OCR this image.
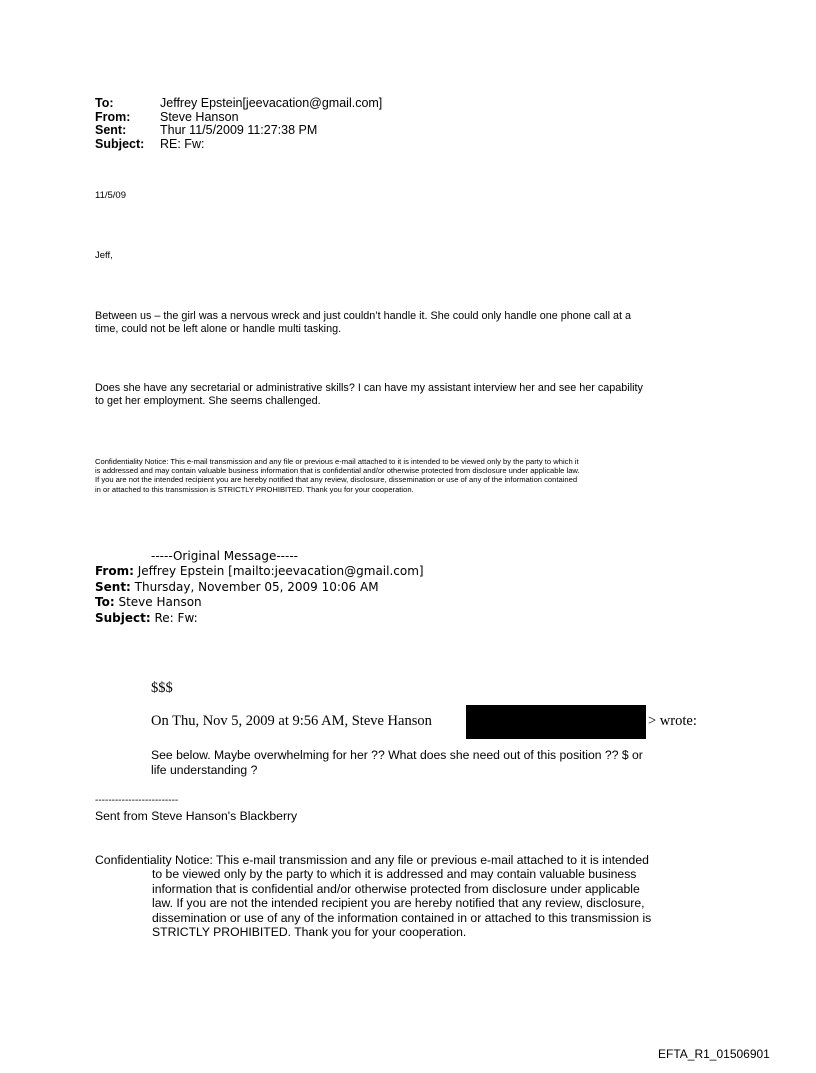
To:	Jeffrey Epstein[jeevacation@gmail.com]
From:	Steve Hanson
Sent:	Thur 11/5/2009 11:27:38 PM
Subject:	RE: Fw:
11/5/09
Jeff,
Between us – the girl was a nervous wreck and just couldn’t handle it. She could only handle one phone call at a
time, could not be left alone or handle multi tasking.
Does she have any secretarial or administrative skills? I can have my assistant interview her and see her capability
to get her employment. She seems challenged.
Confidentiality Notice: This e-mail transmission and any file or previous e-mail attached to it is intended to be viewed only by the party to which it
is addressed and may contain valuable business information that is confidential and/or otherwise protected from disclosure under applicable law.
If you are not the intended recipient you are hereby notified that any review, disclosure, dissemination or use of any of the information contained
in or attached to this transmission is STRICTLY PROHIBITED. Thank you for your cooperation.
-----Original Message-----
From: Jeffrey Epstein [mailto:jeevacation@gmail.com]
Sent: Thursday, November 05, 2009 10:06 AM
To: Steve Hanson
Subject: Re: Fw:
$$$
On Thu, Nov 5, 2009 at 9:56 AM, Steve Hanson	> wrote:
See below. Maybe overwhelming for her ?? What does she need out of this position ?? $ or
life understanding ?
-------------------------
Sent from Steve Hanson's Blackberry
Confidentiality Notice: This e-mail transmission and any file or previous e-mail attached to it is intended
to be viewed only by the party to which it is addressed and may contain valuable business
information that is confidential and/or otherwise protected from disclosure under applicable
law. If you are not the intended recipient you are hereby notified that any review, disclosure,
dissemination or use of any of the information contained in or attached to this transmission is
STRICTLY PROHIBITED. Thank you for your cooperation.
EFTA_R1_01506901
